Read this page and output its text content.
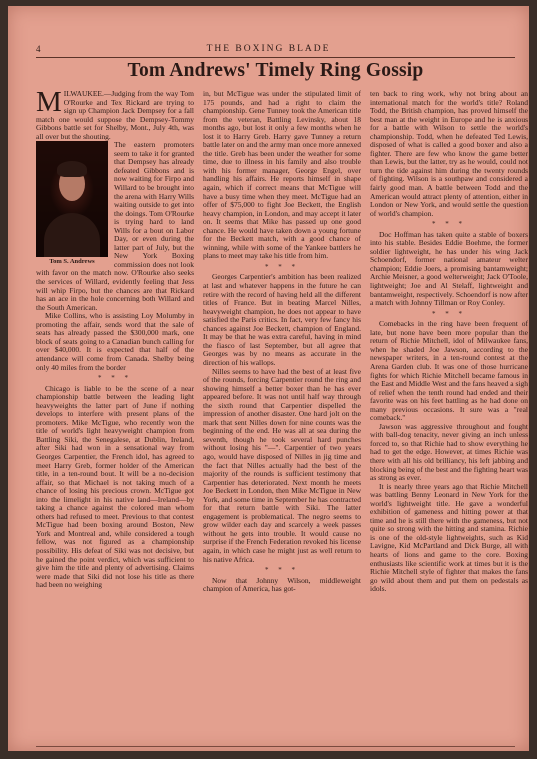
4	THE BOXING BLADE
Tom Andrews' Timely Ring Gossip

MILWAUKEE.—Judging from the way Tom O'Rourke and Tex Rickard are trying to sign up Champion Jack Dempsey for a fall match one would suppose the Dempsey-Tommy Gibbons battle set for Shelby, Mont., July 4th, was all over but the shouting.

Tom S. Andrews

The eastern promoters seem to take it for granted that Dempsey has already defeated Gibbons and is now waiting for Firpo and Willard to be brought into the arena with Harry Wills waiting outside to get into the doings. Tom O'Rourke is trying hard to land Wills for a bout on Labor Day, or even during the latter part of July, but the New York Boxing commission does not look with favor on the match now. O'Rourke also seeks the services of Willard, evidently feeling that Jess will whip Firpo, but the chances are that Rickard has an ace in the hole concerning both Willard and the South American.

Mike Collins, who is assisting Loy Molumby in promoting the affair, sends word that the sale of seats has already passed the $300,000 mark, one block of seats going to a Canadian bunch calling for over $40,000. It is expected that half of the attendance will come from Canada. Shelby being only 40 miles from the border

* * *

Chicago is liable to be the scene of a near championship battle between the leading light heavyweights the latter part of June if nothing develops to interfere with present plans of the promoters. Mike McTigue, who recently won the title of world's light heavyweight champion from Battling Siki, the Senegalese, at Dublin, Ireland, after Siki had won in a sensational way from Georges Carpentier, the French idol, has agreed to meet Harry Greb, former holder of the American title, in a ten-round bout. It will be a no-decision affair, so that Michael is not taking much of a chance of losing his precious crown. McTigue got into the limelight in his native land—Ireland—by taking a chance against the colored man whom others had refused to meet. Previous to that contest McTigue had been boxing around Boston, New York and Montreal and, while considered a tough fellow, was not figured as a championship possibility. His defeat of Siki was not decisive, but he gained the point verdict, which was sufficient to give him the title and plenty of advertising. Claims were made that Siki did not lose his title as there had been no weighing

in, but McTigue was under the stipulated limit of 175 pounds, and had a right to claim the championship. Gene Tunney took the American title from the veteran, Battling Levinsky, about 18 months ago, but lost it only a few months when he lost it to Harry Greb. Harry gave Tunney a return battle later on and the army man once more annexed the title. Greb has been under the weather for some time, due to illness in his family and also trouble with his former manager, George Engel, over handling his affairs. He reports himself in shape again, which if correct means that McTigue will have a busy time when they meet. McTigue had an offer of $75,000 to fight Joe Beckett, the English heavy champion, in London, and may accept it later on. It seems that Mike has passed up one good chance. He would have taken down a young fortune for the Beckett match, with a good chance of winning, while with some of the Yankee battlers he plans to meet may take his title from him.

* * *

Georges Carpentier's ambition has been realized at last and whatever happens in the future he can retire with the record of having held all the different titles of France. But in beating Marcel Nilles, heavyweight champion, he does not appear to have satisfied the Paris critics. In fact, very few fancy his chances against Joe Beckett, champion of England. It may be that he was extra careful, having in mind the fiasco of last September, but all agree that Georges was by no means as accurate in the direction of his wallops.

Nilles seems to have had the best of at least five of the rounds, forcing Carpentier round the ring and showing himself a better boxer than he has ever appeared before. It was not until half way through the sixth round that Carpentier dispelled the impression of another disaster. One hard jolt on the mark that sent Nilles down for nine counts was the beginning of the end. He was all at sea during the seventh, though he took several hard punches without losing his "—". Carpentier of two years ago, would have disposed of Nilles in jig time and the fact that Nilles actually had the best of the majority of the rounds is sufficient testimony that Carpentier has deteriorated. Next month he meets Joe Beckett in London, then Mike McTigue in New York, and some time in September he has contracted for that return battle with Siki. The latter engagement is problematical. The negro seems to grow wilder each day and scarcely a week passes without he gets into trouble. It would cause no surprise if the French Federation revoked his license again, in which case he might just as well return to his native Africa.

* * *

Now that Johnny Wilson, middleweight champion of America, has got-

ten back to ring work, why not bring about an international match for the world's title? Roland Todd, the British champion, has proved himself the best man at the weight in Europe and he is anxious for a battle with Wilson to settle the world's championship. Todd, when he defeated Ted Lewis, disposed of what is called a good boxer and also a fighter. There are few who know the game better than Lewis, but the latter, try as he would, could not turn the tide against him during the twenty rounds of fighting. Wilson is a southpaw and considered a fairly good man. A battle between Todd and the American would attract plenty of attention, either in London or New York, and would settle the question of world's champion.

* * *

Doc Hoffman has taken quite a stable of boxers into his stable. Besides Eddie Boehme, the former soldier lightweight, he has under his wing Jack Schoendorf, former national amateur welter champion; Eddie Joers, a promising bantamweight; Archie Meisner, a good welterweight; Jack O'Toole, lightweight; Joe and Al Stelaff, lightweight and bantamweight, respectively. Schoendorf is now after a match with Johnny Tillman or Roy Conley.

* * *

Comebacks in the ring have been frequent of late, but none have been more popular than the return of Richie Mitchell, idol of Milwaukee fans, when he shaded Joe Jawson, according to the newspaper writers, in a ten-round contest at the Arena Garden club. It was one of those hurricane fights for which Richie Mitchell became famous in the East and Middle West and the fans heaved a sigh of relief when the tenth round had ended and their favorite was on his feet battling as he had done on many previous occasions. It sure was a "real comeback."

Jawson was aggressive throughout and fought with ball-dog tenacity, never giving an inch unless forced to, so that Richie had to show everything he had to get the edge. However, at times Richie was there with all his old brilliancy, his left jabbing and blocking being of the best and the fighting heart was as strong as ever.

It is nearly three years ago that Richie Mitchell was battling Benny Leonard in New York for the world's lightweight title. He gave a wonderful exhibition of gameness and hitting power at that time and he is still there with the gameness, but not quite so strong with the hitting and stamina. Richie is one of the old-style lightweights, such as Kid Lavigne, Kid McPartland and Dick Burge, all with hearts of lions and game to the core. Boxing enthusiasts like scientific work at times but it is the Richie Mitchell style of fighter that makes the fans go wild about them and put them on pedestals as idols.
